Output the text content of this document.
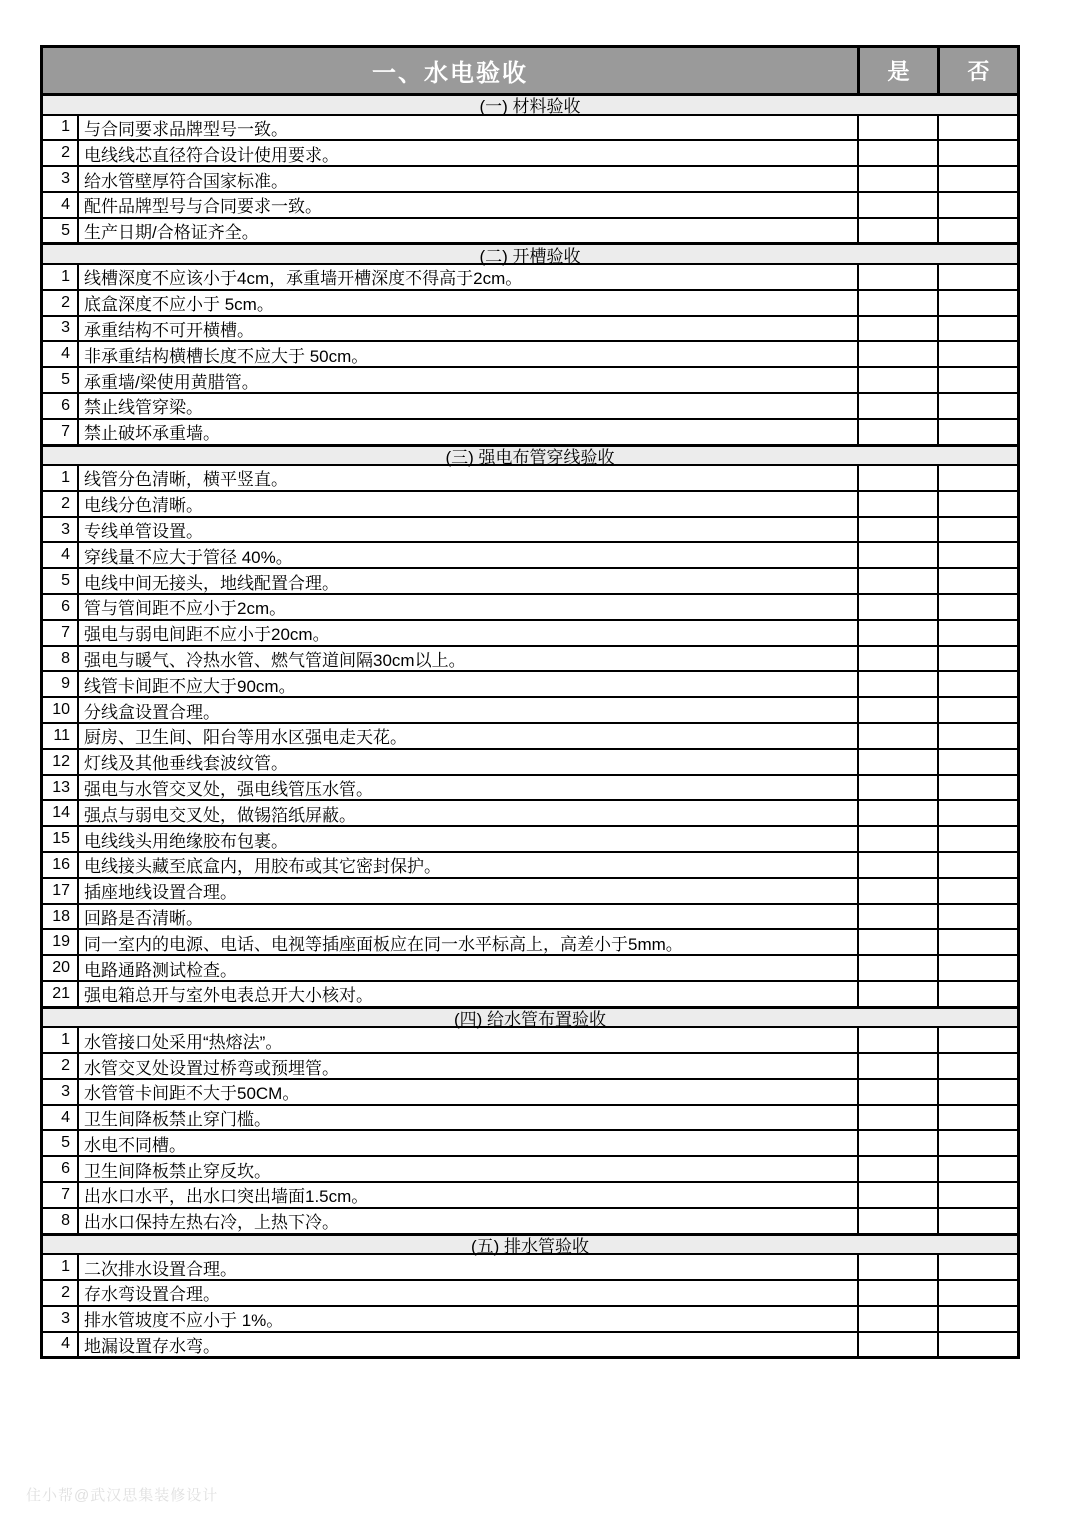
一、水电验收	是	否
(一) 材料验收
1 与合同要求品牌型号一致。
2 电线线芯直径符合设计使用要求。
3 给水管壁厚符合国家标准。
4 配件品牌型号与合同要求一致。
5 生产日期/合格证齐全。
(二) 开槽验收
1 线槽深度不应该小于4cm，承重墙开槽深度不得高于2cm。
2 底盒深度不应小于 5cm。
3 承重结构不可开横槽。
4 非承重结构横槽长度不应大于 50cm。
5 承重墙/梁使用黄腊管。
6 禁止线管穿梁。
7 禁止破坏承重墙。
(三) 强电布管穿线验收
1 线管分色清晰，横平竖直。
2 电线分色清晰。
3 专线单管设置。
4 穿线量不应大于管径 40%。
5 电线中间无接头，地线配置合理。
6 管与管间距不应小于2cm。
7 强电与弱电间距不应小于20cm。
8 强电与暖气、冷热水管、燃气管道间隔30cm以上。
9 线管卡间距不应大于90cm。
10 分线盒设置合理。
11 厨房、卫生间、阳台等用水区强电走天花。
12 灯线及其他垂线套波纹管。
13 强电与水管交叉处，强电线管压水管。
14 强点与弱电交叉处，做锡箔纸屏蔽。
15 电线线头用绝缘胶布包裹。
16 电线接头藏至底盒内，用胶布或其它密封保护。
17 插座地线设置合理。
18 回路是否清晰。
19 同一室内的电源、电话、电视等插座面板应在同一水平标高上，高差小于5mm。
20 电路通路测试检查。
21 强电箱总开与室外电表总开大小核对。
(四) 给水管布置验收
1 水管接口处采用“热熔法”。
2 水管交叉处设置过桥弯或预埋管。
3 水管管卡间距不大于50CM。
4 卫生间降板禁止穿门槛。
5 水电不同槽。
6 卫生间降板禁止穿反坎。
7 出水口水平，出水口突出墙面1.5cm。
8 出水口保持左热右冷，上热下冷。
(五) 排水管验收
1 二次排水设置合理。
2 存水弯设置合理。
3 排水管坡度不应小于 1%。
4 地漏设置存水弯。
住小帮@武汉思集装修设计
